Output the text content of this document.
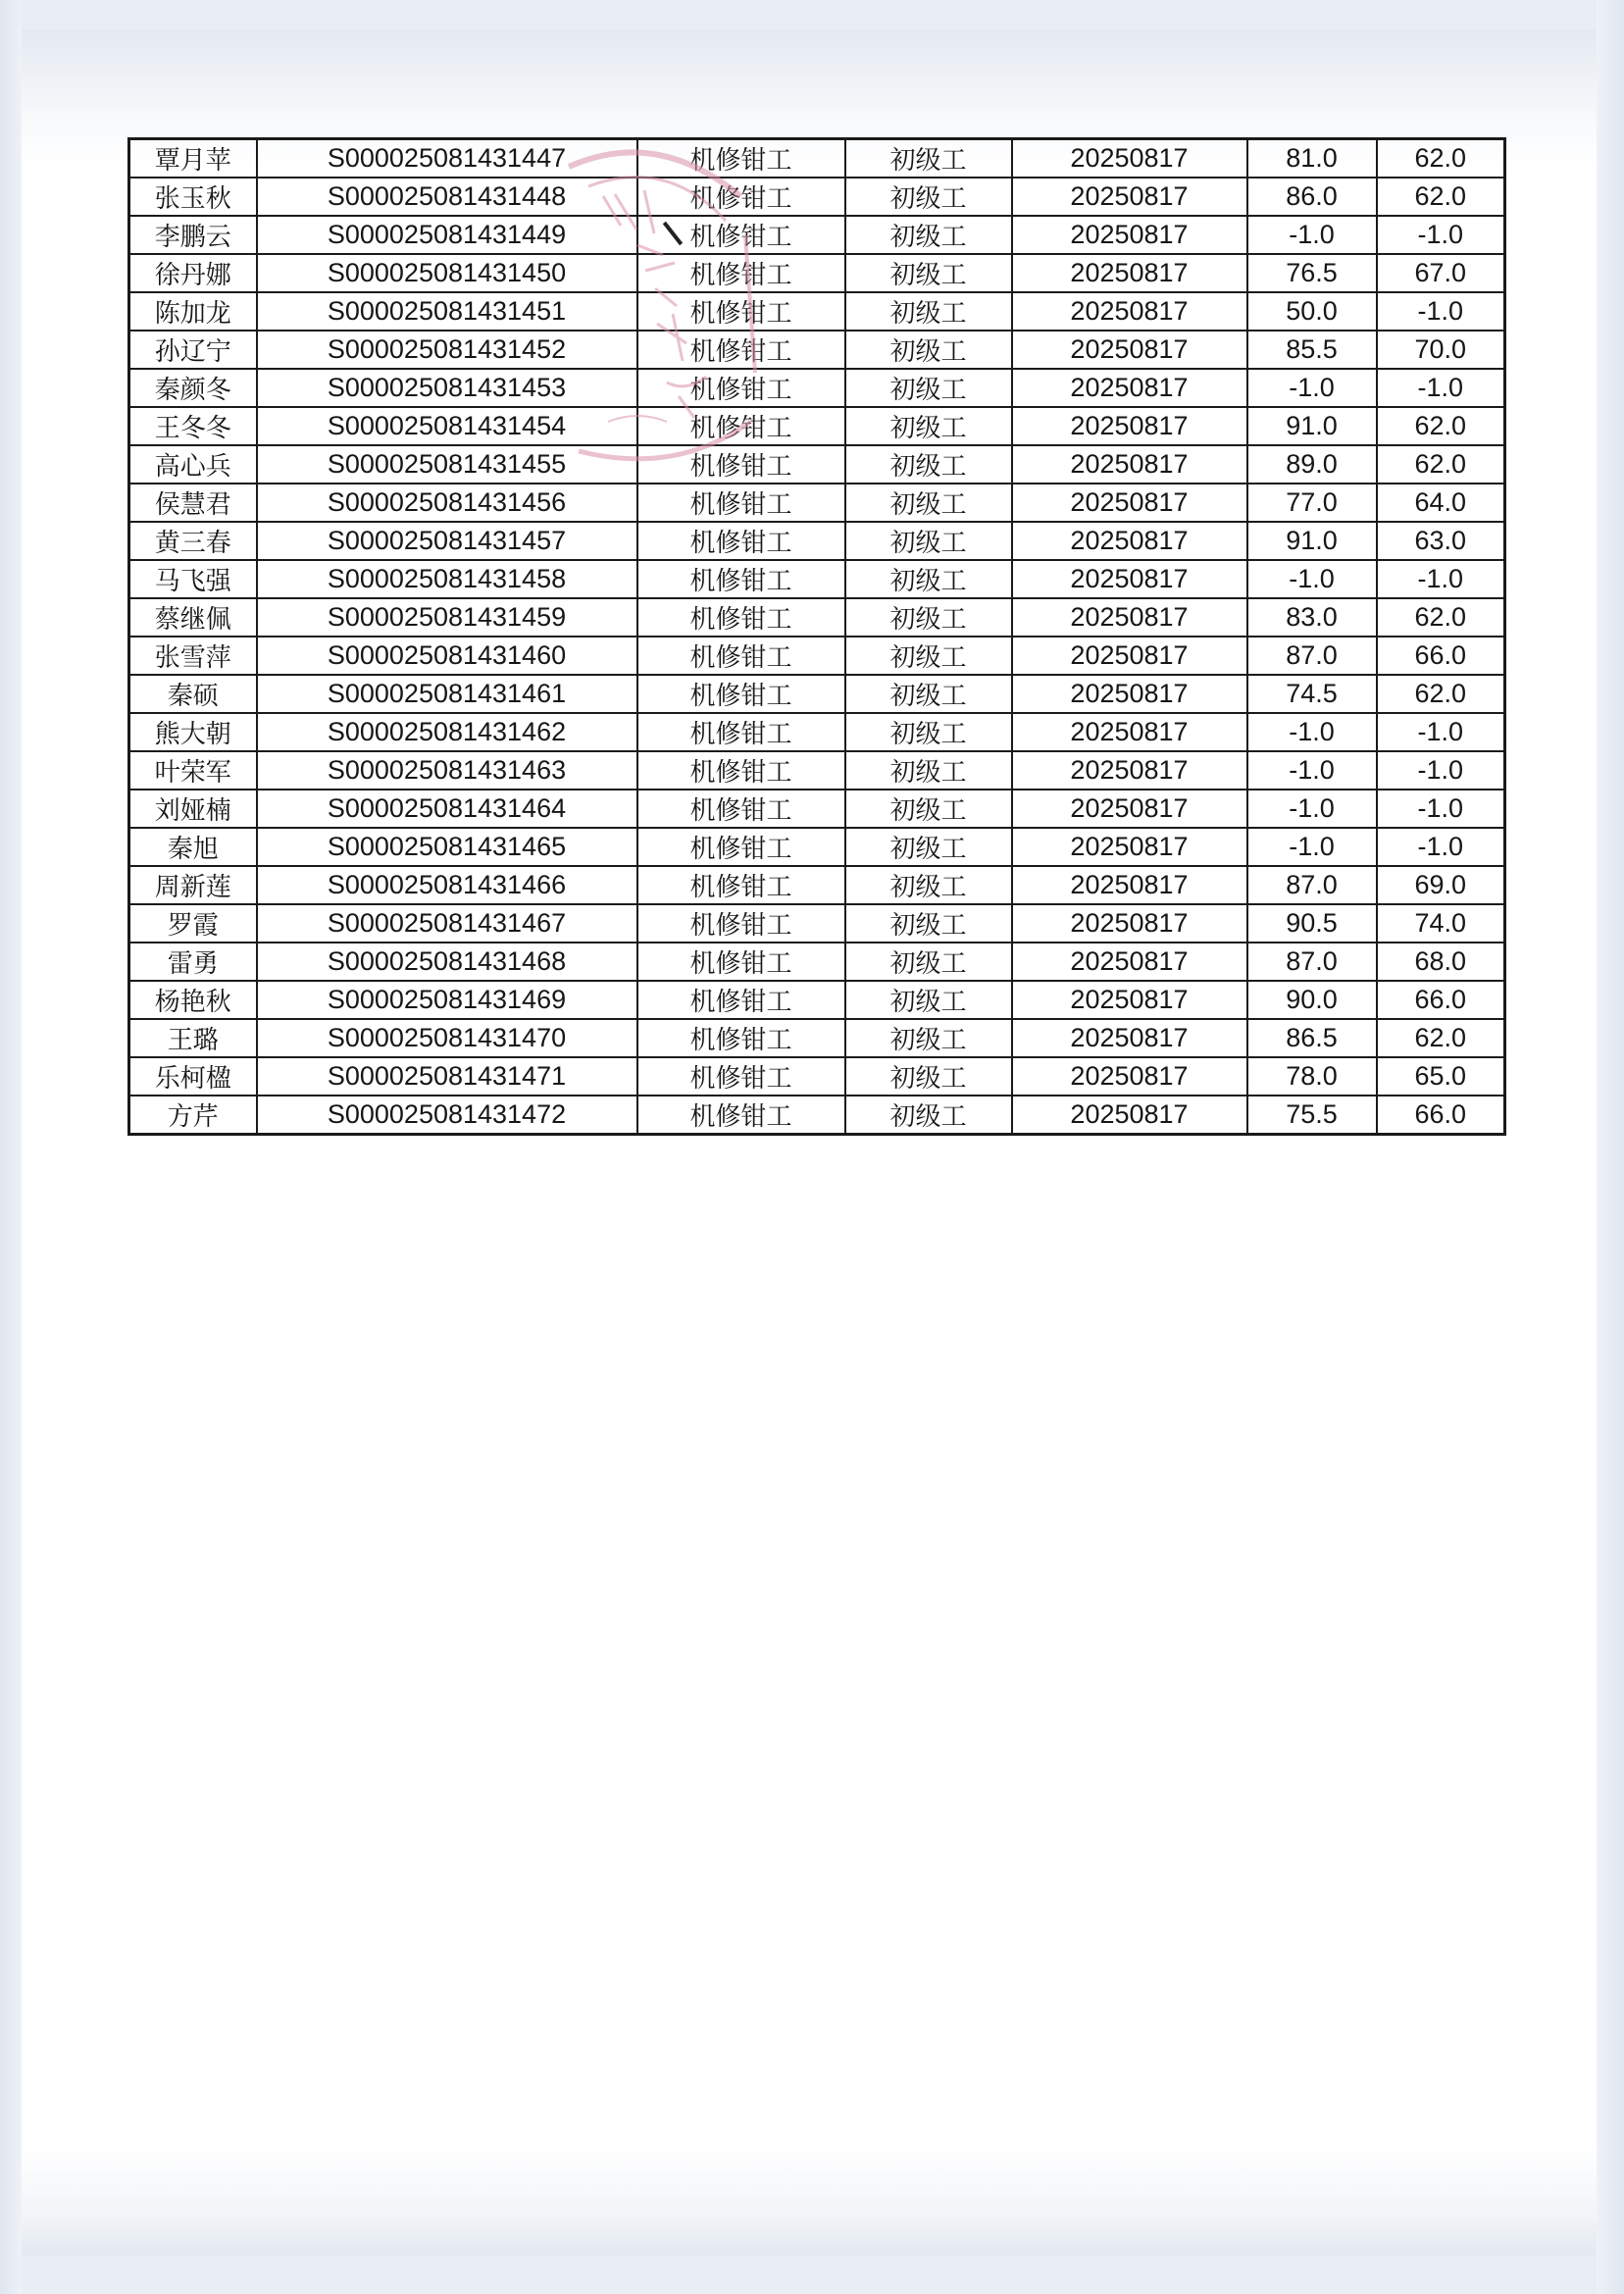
覃月苹	S000025081431447	机修钳工	初级工	20250817	81.0	62.0
张玉秋	S000025081431448	机修钳工	初级工	20250817	86.0	62.0
李鹏云	S000025081431449	机修钳工	初级工	20250817	-1.0	-1.0
徐丹娜	S000025081431450	机修钳工	初级工	20250817	76.5	67.0
陈加龙	S000025081431451	机修钳工	初级工	20250817	50.0	-1.0
孙辽宁	S000025081431452	机修钳工	初级工	20250817	85.5	70.0
秦颜冬	S000025081431453	机修钳工	初级工	20250817	-1.0	-1.0
王冬冬	S000025081431454	机修钳工	初级工	20250817	91.0	62.0
高心兵	S000025081431455	机修钳工	初级工	20250817	89.0	62.0
侯慧君	S000025081431456	机修钳工	初级工	20250817	77.0	64.0
黄三春	S000025081431457	机修钳工	初级工	20250817	91.0	63.0
马飞强	S000025081431458	机修钳工	初级工	20250817	-1.0	-1.0
蔡继佩	S000025081431459	机修钳工	初级工	20250817	83.0	62.0
张雪萍	S000025081431460	机修钳工	初级工	20250817	87.0	66.0
秦硕	S000025081431461	机修钳工	初级工	20250817	74.5	62.0
熊大朝	S000025081431462	机修钳工	初级工	20250817	-1.0	-1.0
叶荣军	S000025081431463	机修钳工	初级工	20250817	-1.0	-1.0
刘娅楠	S000025081431464	机修钳工	初级工	20250817	-1.0	-1.0
秦旭	S000025081431465	机修钳工	初级工	20250817	-1.0	-1.0
周新莲	S000025081431466	机修钳工	初级工	20250817	87.0	69.0
罗霞	S000025081431467	机修钳工	初级工	20250817	90.5	74.0
雷勇	S000025081431468	机修钳工	初级工	20250817	87.0	68.0
杨艳秋	S000025081431469	机修钳工	初级工	20250817	90.0	66.0
王璐	S000025081431470	机修钳工	初级工	20250817	86.5	62.0
乐柯楹	S000025081431471	机修钳工	初级工	20250817	78.0	65.0
方芹	S000025081431472	机修钳工	初级工	20250817	75.5	66.0
